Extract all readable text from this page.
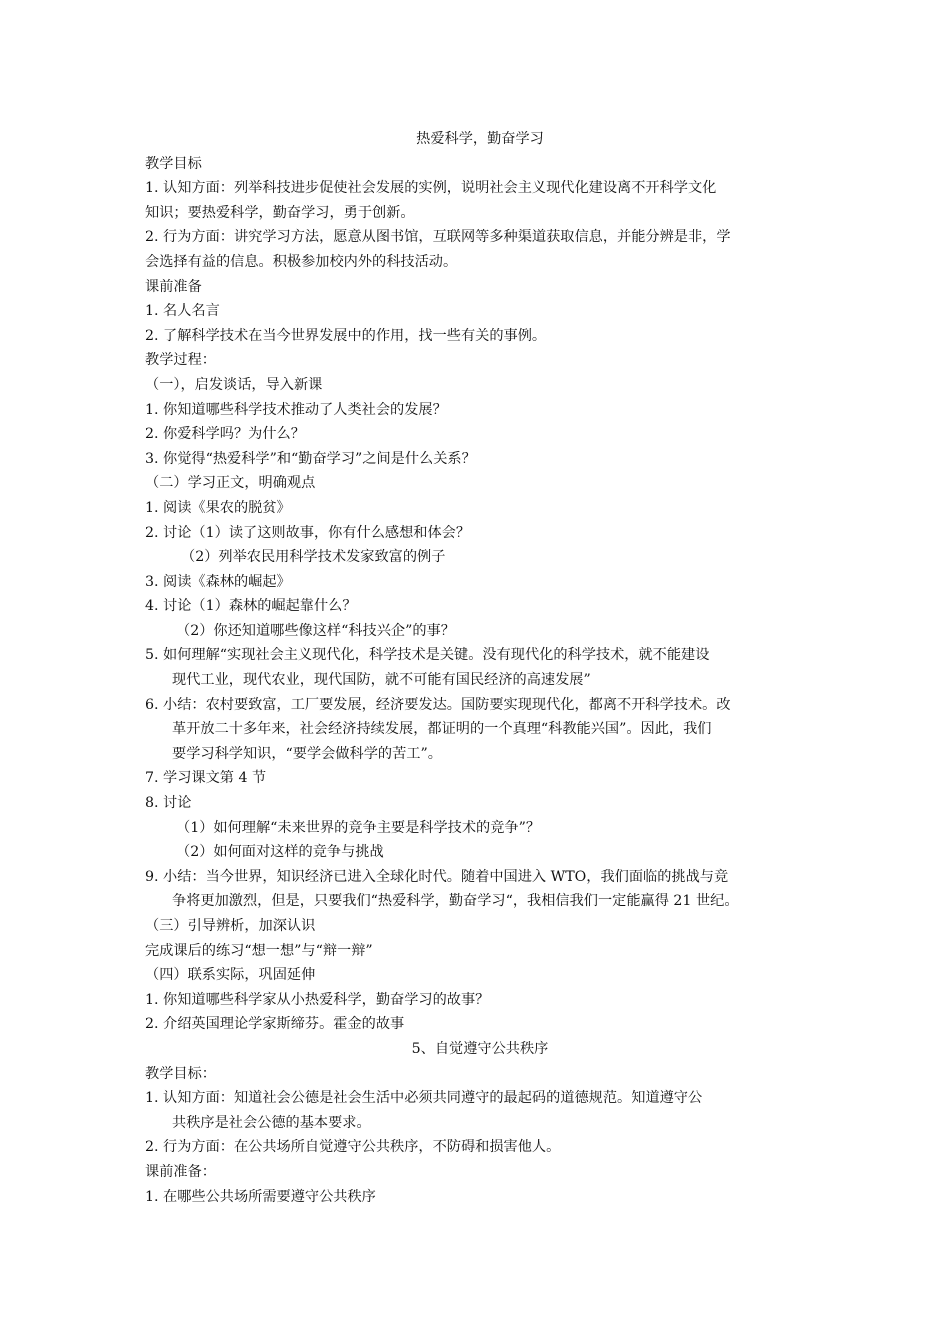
热爱科学，勤奋学习
教学目标
1. 认知方面：列举科技进步促使社会发展的实例，说明社会主义现代化建设离不开科学文化
知识；要热爱科学，勤奋学习，勇于创新。
2. 行为方面：讲究学习方法，愿意从图书馆，互联网等多种渠道获取信息，并能分辨是非，学
会选择有益的信息。积极参加校内外的科技活动。
课前准备
1. 名人名言
2. 了解科学技术在当今世界发展中的作用，找一些有关的事例。
教学过程：
（一），启发谈话，导入新课
1. 你知道哪些科学技术推动了人类社会的发展？
2. 你爱科学吗？为什么？
3. 你觉得“热爱科学”和“勤奋学习”之间是什么关系？
（二）学习正文，明确观点
1. 阅读《果农的脱贫》
2. 讨论（1）读了这则故事，你有什么感想和体会？
（2）列举农民用科学技术发家致富的例子
3. 阅读《森林的崛起》
4. 讨论（1）森林的崛起靠什么？
（2）你还知道哪些像这样“科技兴企”的事？
5. 如何理解“实现社会主义现代化，科学技术是关键。没有现代化的科学技术，就不能建设
现代工业，现代农业，现代国防，就不可能有国民经济的高速发展”
6. 小结：农村要致富，工厂要发展，经济要发达。国防要实现现代化，都离不开科学技术。改
革开放二十多年来，社会经济持续发展，都证明的一个真理“科教能兴国”。因此，我们
要学习科学知识，“要学会做科学的苦工”。
7. 学习课文第 4 节
8. 讨论
（1）如何理解“未来世界的竞争主要是科学技术的竞争”？
（2）如何面对这样的竞争与挑战
9. 小结：当今世界，知识经济已进入全球化时代。随着中国进入 WTO，我们面临的挑战与竞
争将更加激烈，但是，只要我们“热爱科学，勤奋学习“，我相信我们一定能赢得 21 世纪。
（三）引导辨析，加深认识
完成课后的练习“想一想”与“辩一辩”
（四）联系实际，巩固延伸
1. 你知道哪些科学家从小热爱科学，勤奋学习的故事？
2. 介绍英国理论学家斯缔芬。霍金的故事
5、自觉遵守公共秩序
教学目标：
1. 认知方面：知道社会公德是社会生活中必须共同遵守的最起码的道德规范。知道遵守公
共秩序是社会公德的基本要求。
2. 行为方面：在公共场所自觉遵守公共秩序，不防碍和损害他人。
课前准备：
1. 在哪些公共场所需要遵守公共秩序
